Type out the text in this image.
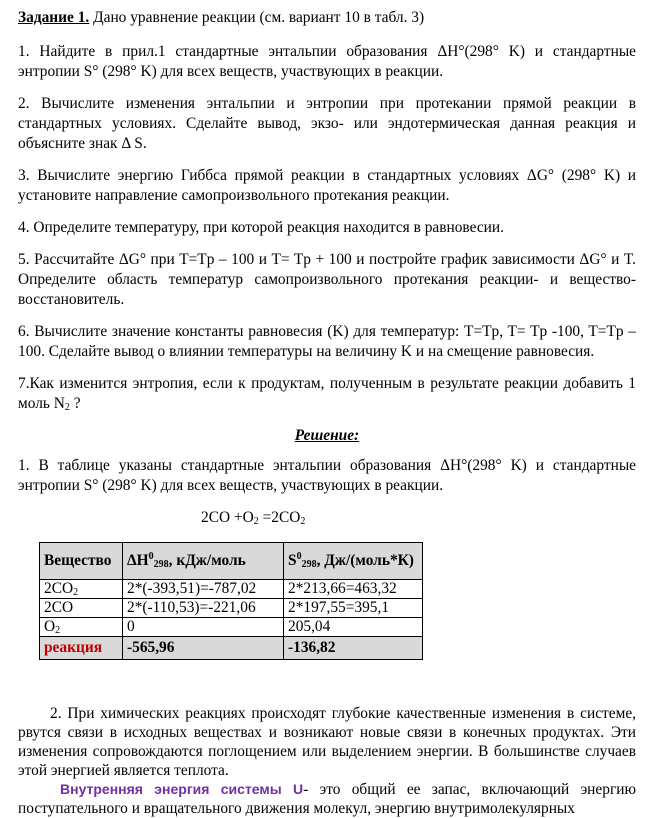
Задание 1. Дано уравнение реакции (см. вариант 10 в табл. 3)

1. Найдите в прил.1 стандартные энтальпии образования ΔH°(298° K) и стандартные энтропии S° (298° K) для всех веществ, участвующих в реакции.

2. Вычислите изменения энтальпии и энтропии при протекании прямой реакции в стандартных условиях. Сделайте вывод, экзо- или эндотермическая данная реакция и объясните знак Δ S.

3. Вычислите энергию Гиббса прямой реакции в стандартных условиях ΔG° (298° K) и установите направление самопроизвольного протекания реакции.

4. Определите температуру, при которой реакция находится в равновесии.

5. Рассчитайте ΔG° при T=Tp – 100 и T= Tp + 100 и постройте график зависимости ΔG° и T. Определите область температур самопроизвольного протекания реакции- и вещество-восстановитель.

6. Вычислите значение константы равновесия (K) для температур: T=Tp, T= Tp -100, T=Tp – 100. Сделайте вывод о влиянии температуры на величину K и на смещение равновесия.

7.Как изменится энтропия, если к продуктам, полученным в результате реакции добавить 1 моль $N_2$ ?

Решение:

1. В таблице указаны стандартные энтальпии образования ΔH°(298° K) и стандартные энтропии S° (298° K) для всех веществ, участвующих в реакции.

$2CO +O_2 =2CO_2$

Вещество	$\Delta H^0_{298}$, кДж/моль	$S^0_{298}$, Дж/(моль*К)
$2CO_2$	2*(-393,51)=-787,02	2*213,66=463,32
2CO	2*(-110,53)=-221,06	2*197,55=395,1
$O_2$	0	205,04
реакция	-565,96	-136,82

2. При химических реакциях происходят глубокие качественные изменения в системе, рвутся связи в исходных веществах и возникают новые связи в конечных продуктах. Эти изменения сопровождаются поглощением или выделением энергии. В большинстве случаев этой энергией является теплота.

Внутренняя энергия системы U- это общий ее запас, включающий энергию поступательного и вращательного движения молекул, энергию внутримолекулярных
